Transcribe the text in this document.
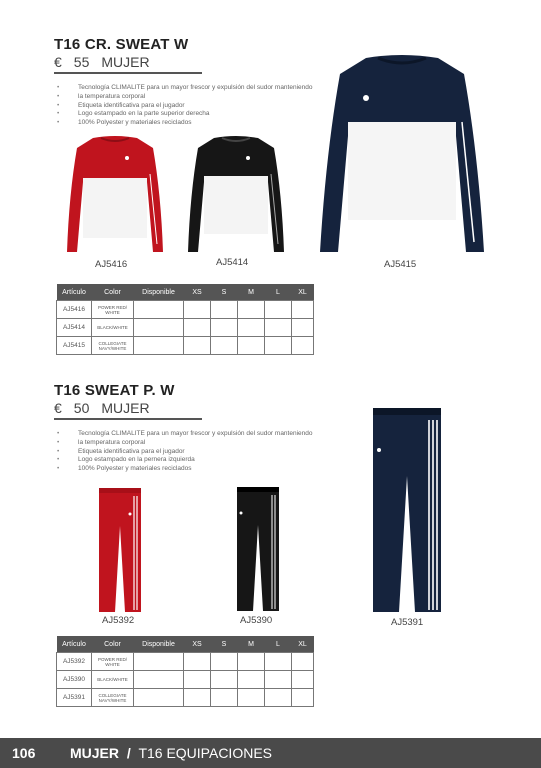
T16 CR. SWEAT W
€ 55 MUJER
• Tecnología CLIMALITE para un mayor frescor y expulsión del sudor manteniendo
• la temperatura corporal
• Etiqueta identificativa para el jugador
• Logo estampado en la parte superior derecha
• 100% Polyester y materiales reciclados
AJ5416	AJ5414	AJ5415
Artículo	Color	Disponible	XS	S	M	L	XL
AJ5416	POWER RED/
WHITE						
AJ5414	BLACK/WHITE						
AJ5415	COLLEGIATE
NAVY/WHITE						
T16 SWEAT P. W
€ 50 MUJER
• Tecnología CLIMALITE para un mayor frescor y expulsión del sudor manteniendo
• la temperatura corporal
• Etiqueta identificativa para el jugador
• Logo estampado en la pernera izquierda
• 100% Polyester y materiales reciclados
AJ5392	AJ5390	AJ5391
Artículo	Color	Disponible	XS	S	M	L	XL
AJ5392	POWER RED/
WHITE						
AJ5390	BLACK/WHITE						
AJ5391	COLLEGIATE
NAVY/WHITE						
106 MUJER / T16 EQUIPACIONES
